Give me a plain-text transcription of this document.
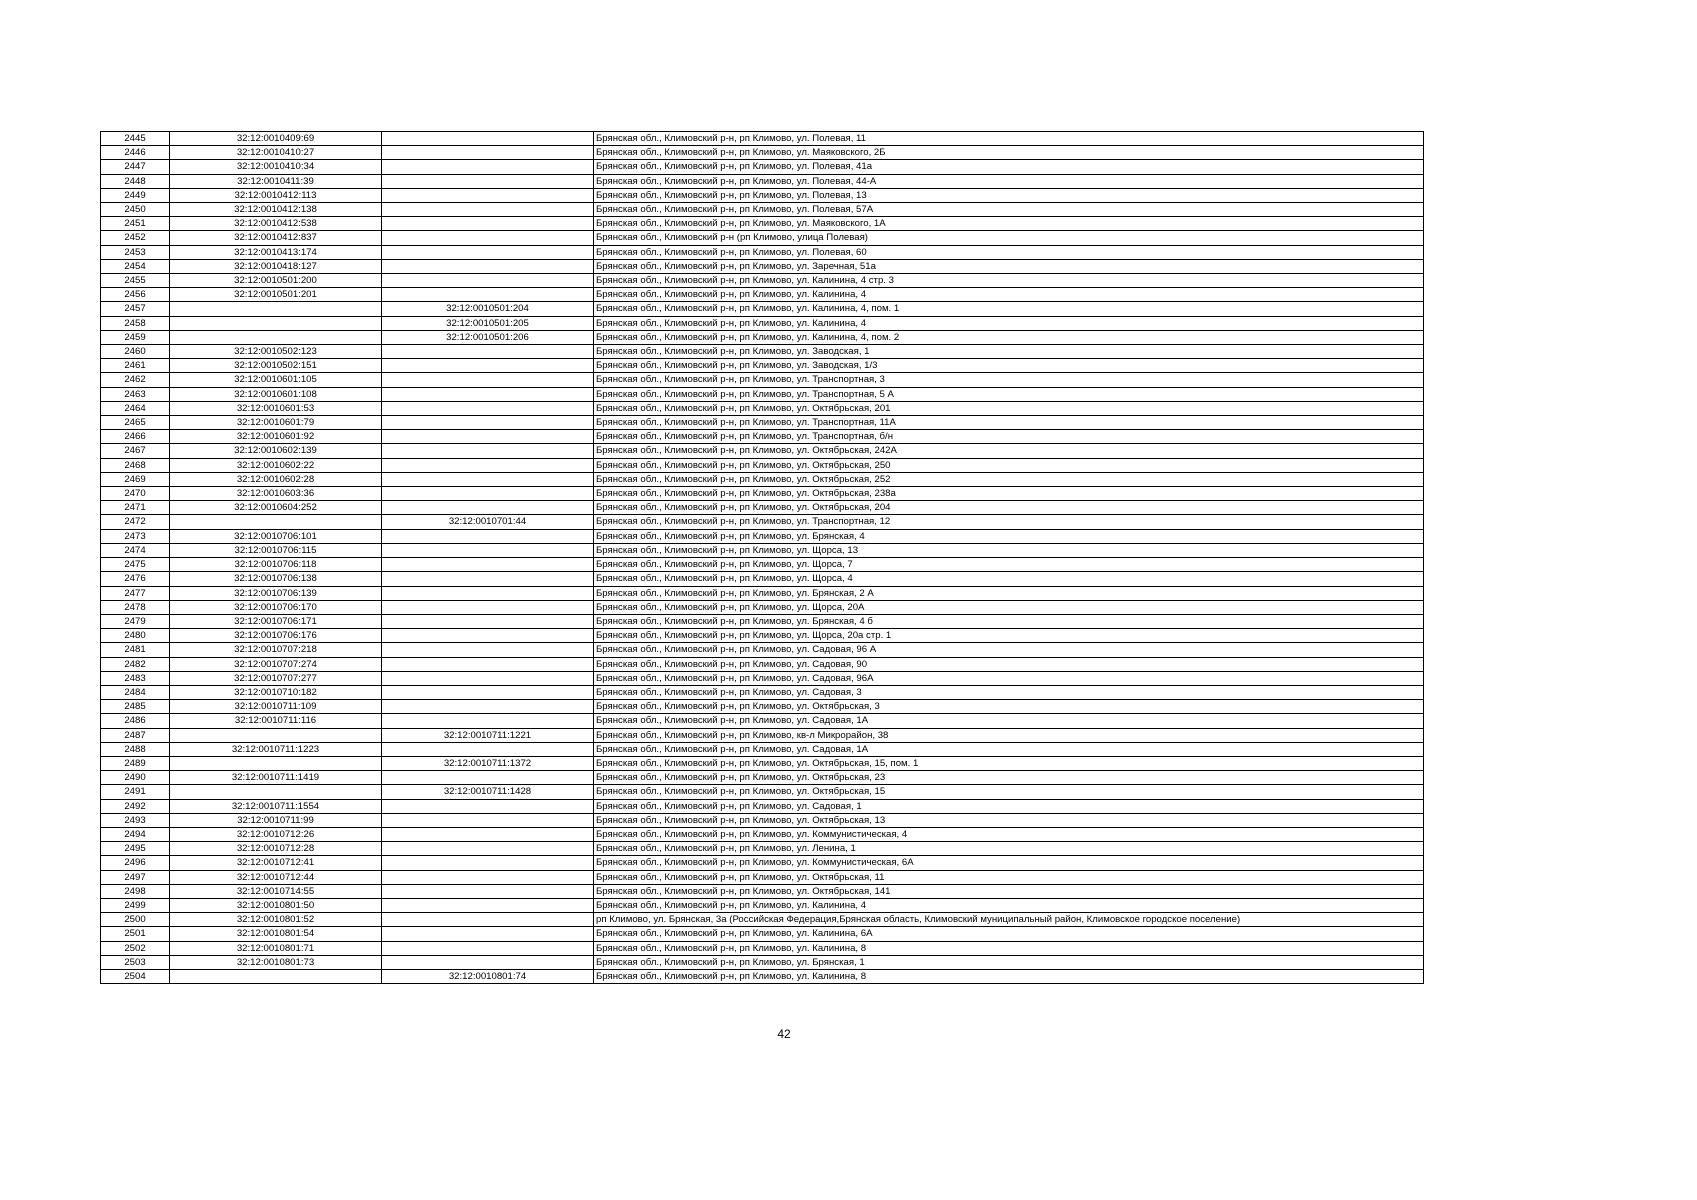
2445	32:12:0010409:69		Брянская обл., Климовский р-н, рп Климово, ул. Полевая, 11
2446	32:12:0010410:27		Брянская обл., Климовский р-н, рп Климово, ул. Маяковского, 2Б
2447	32:12:0010410:34		Брянская обл., Климовский р-н, рп Климово, ул. Полевая, 41а
2448	32:12:0010411:39		Брянская обл., Климовский р-н, рп Климово, ул. Полевая, 44-А
2449	32:12:0010412:113		Брянская обл., Климовский р-н, рп Климово, ул. Полевая, 13
2450	32:12:0010412:138		Брянская обл., Климовский р-н, рп Климово, ул. Полевая, 57А
2451	32:12:0010412:538		Брянская обл., Климовский р-н, рп Климово, ул. Маяковского, 1А
2452	32:12:0010412:837		Брянская обл., Климовский р-н (рп Климово, улица Полевая)
2453	32:12:0010413:174		Брянская обл., Климовский р-н, рп Климово, ул. Полевая, 60
2454	32:12:0010418:127		Брянская обл., Климовский р-н, рп Климово, ул. Заречная, 51а
2455	32:12:0010501:200		Брянская обл., Климовский р-н, рп Климово, ул. Калинина, 4 стр. 3
2456	32:12:0010501:201		Брянская обл., Климовский р-н, рп Климово, ул. Калинина, 4
2457		32:12:0010501:204	Брянская обл., Климовский р-н, рп Климово, ул. Калинина, 4, пом. 1
2458		32:12:0010501:205	Брянская обл., Климовский р-н, рп Климово, ул. Калинина, 4
2459		32:12:0010501:206	Брянская обл., Климовский р-н, рп Климово, ул. Калинина, 4, пом. 2
2460	32:12:0010502:123		Брянская обл., Климовский р-н, рп Климово, ул. Заводская, 1
2461	32:12:0010502:151		Брянская обл., Климовский р-н, рп Климово, ул. Заводская, 1/3
2462	32:12:0010601:105		Брянская обл., Климовский р-н, рп Климово, ул. Транспортная, 3
2463	32:12:0010601:108		Брянская обл., Климовский р-н, рп Климово, ул. Транспортная, 5 А
2464	32:12:0010601:53		Брянская обл., Климовский р-н, рп Климово, ул. Октябрьская, 201
2465	32:12:0010601:79		Брянская обл., Климовский р-н, рп Климово, ул. Транспортная, 11А
2466	32:12:0010601:92		Брянская обл., Климовский р-н, рп Климово, ул. Транспортная, б/н
2467	32:12:0010602:139		Брянская обл., Климовский р-н, рп Климово, ул. Октябрьская, 242А
2468	32:12:0010602:22		Брянская обл., Климовский р-н, рп Климово, ул. Октябрьская, 250
2469	32:12:0010602:28		Брянская обл., Климовский р-н, рп Климово, ул. Октябрьская, 252
2470	32:12:0010603:36		Брянская обл., Климовский р-н, рп Климово, ул. Октябрьская, 238а
2471	32:12:0010604:252		Брянская обл., Климовский р-н, рп Климово, ул. Октябрьская, 204
2472		32:12:0010701:44	Брянская обл., Климовский р-н, рп Климово, ул. Транспортная, 12
2473	32:12:0010706:101		Брянская обл., Климовский р-н, рп Климово, ул. Брянская, 4
2474	32:12:0010706:115		Брянская обл., Климовский р-н, рп Климово, ул. Щорса, 13
2475	32:12:0010706:118		Брянская обл., Климовский р-н, рп Климово, ул. Щорса, 7
2476	32:12:0010706:138		Брянская обл., Климовский р-н, рп Климово, ул. Щорса, 4
2477	32:12:0010706:139		Брянская обл., Климовский р-н, рп Климово, ул. Брянская, 2 А
2478	32:12:0010706:170		Брянская обл., Климовский р-н, рп Климово, ул. Щорса, 20А
2479	32:12:0010706:171		Брянская обл., Климовский р-н, рп Климово, ул. Брянская, 4 б
2480	32:12:0010706:176		Брянская обл., Климовский р-н, рп Климово, ул. Щорса, 20а стр. 1
2481	32:12:0010707:218		Брянская обл., Климовский р-н, рп Климово, ул. Садовая, 96 А
2482	32:12:0010707:274		Брянская обл., Климовский р-н, рп Климово, ул. Садовая, 90
2483	32:12:0010707:277		Брянская обл., Климовский р-н, рп Климово, ул. Садовая, 96А
2484	32:12:0010710:182		Брянская обл., Климовский р-н, рп Климово, ул. Садовая, 3
2485	32:12:0010711:109		Брянская обл., Климовский р-н, рп Климово, ул. Октябрьская, 3
2486	32:12:0010711:116		Брянская обл., Климовский р-н, рп Климово, ул. Садовая, 1А
2487		32:12:0010711:1221	Брянская обл., Климовский р-н, рп Климово, кв-л Микрорайон, 38
2488	32:12:0010711:1223		Брянская обл., Климовский р-н, рп Климово, ул. Садовая, 1А
2489		32:12:0010711:1372	Брянская обл., Климовский р-н, рп Климово, ул. Октябрьская, 15, пом. 1
2490	32:12:0010711:1419		Брянская обл., Климовский р-н, рп Климово, ул. Октябрьская, 23
2491		32:12:0010711:1428	Брянская обл., Климовский р-н, рп Климово, ул. Октябрьская, 15
2492	32:12:0010711:1554		Брянская обл., Климовский р-н, рп Климово, ул. Садовая, 1
2493	32:12:0010711:99		Брянская обл., Климовский р-н, рп Климово, ул. Октябрьская, 13
2494	32:12:0010712:26		Брянская обл., Климовский р-н, рп Климово, ул. Коммунистическая, 4
2495	32:12:0010712:28		Брянская обл., Климовский р-н, рп Климово, ул. Ленина, 1
2496	32:12:0010712:41		Брянская обл., Климовский р-н, рп Климово, ул. Коммунистическая, 6А
2497	32:12:0010712:44		Брянская обл., Климовский р-н, рп Климово, ул. Октябрьская, 11
2498	32:12:0010714:55		Брянская обл., Климовский р-н, рп Климово, ул. Октябрьская, 141
2499	32:12:0010801:50		Брянская обл., Климовский р-н, рп Климово, ул. Калинина, 4
2500	32:12:0010801:52		рп Климово, ул. Брянская, 3а (Российская Федерация,Брянская область, Климовский муниципальный район, Климовское городское поселение)
2501	32:12:0010801:54		Брянская обл., Климовский р-н, рп Климово, ул. Калинина, 6А
2502	32:12:0010801:71		Брянская обл., Климовский р-н, рп Климово, ул. Калинина, 8
2503	32:12:0010801:73		Брянская обл., Климовский р-н, рп Климово, ул. Брянская, 1
2504		32:12:0010801:74	Брянская обл., Климовский р-н, рп Климово, ул. Калинина, 8
42
